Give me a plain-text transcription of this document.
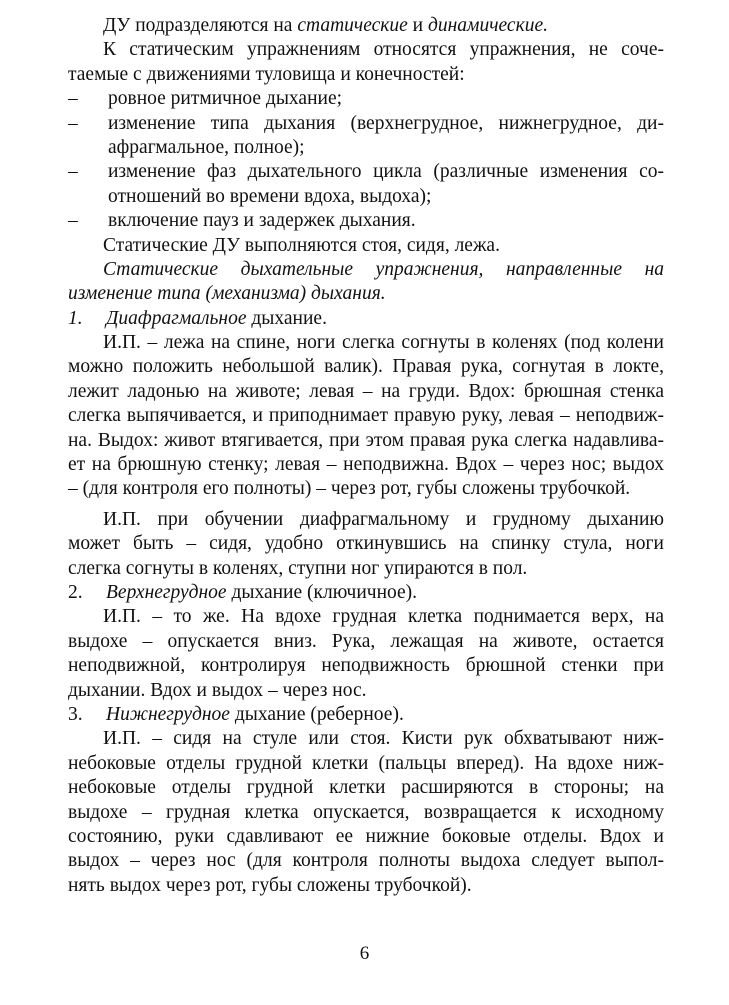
ДУ подразделяются на статические и динамические.
К статическим упражнениям относятся упражнения, не соче-
таемые с движениями туловища и конечностей:
– ровное ритмичное дыхание;
– изменение типа дыхания (верхнегрудное, нижнегрудное, ди-
афрагмальное, полное);
– изменение фаз дыхательного цикла (различные изменения со-
отношений во времени вдоха, выдоха);
– включение пауз и задержек дыхания.
Статические ДУ выполняются стоя, сидя, лежа.
Статические дыхательные упражнения, направленные на
изменение типа (механизма) дыхания.
1. Диафрагмальное дыхание.
И.П. – лежа на спине, ноги слегка согнуты в коленях (под колени
можно положить небольшой валик). Правая рука, согнутая в локте,
лежит ладонью на животе; левая – на груди. Вдох: брюшная стенка
слегка выпячивается, и приподнимает правую руку, левая – неподвиж-
на. Выдох: живот втягивается, при этом правая рука слегка надавлива-
ет на брюшную стенку; левая – неподвижна. Вдох – через нос; выдох
– (для контроля его полноты) – через рот, губы сложены трубочкой.
И.П. при обучении диафрагмальному и грудному дыханию
может быть – сидя, удобно откинувшись на спинку стула, ноги
слегка согнуты в коленях, ступни ног упираются в пол.
2. Верхнегрудное дыхание (ключичное).
И.П. – то же. На вдохе грудная клетка поднимается верх, на
выдохе – опускается вниз. Рука, лежащая на животе, остается
неподвижной, контролируя неподвижность брюшной стенки при
дыхании. Вдох и выдох – через нос.
3. Нижнегрудное дыхание (реберное).
И.П. – сидя на стуле или стоя. Кисти рук обхватывают ниж-
небоковые отделы грудной клетки (пальцы вперед). На вдохе ниж-
небоковые отделы грудной клетки расширяются в стороны; на
выдохе – грудная клетка опускается, возвращается к исходному
состоянию, руки сдавливают ее нижние боковые отделы. Вдох и
выдох – через нос (для контроля полноты выдоха следует выпол-
нять выдох через рот, губы сложены трубочкой).
6
